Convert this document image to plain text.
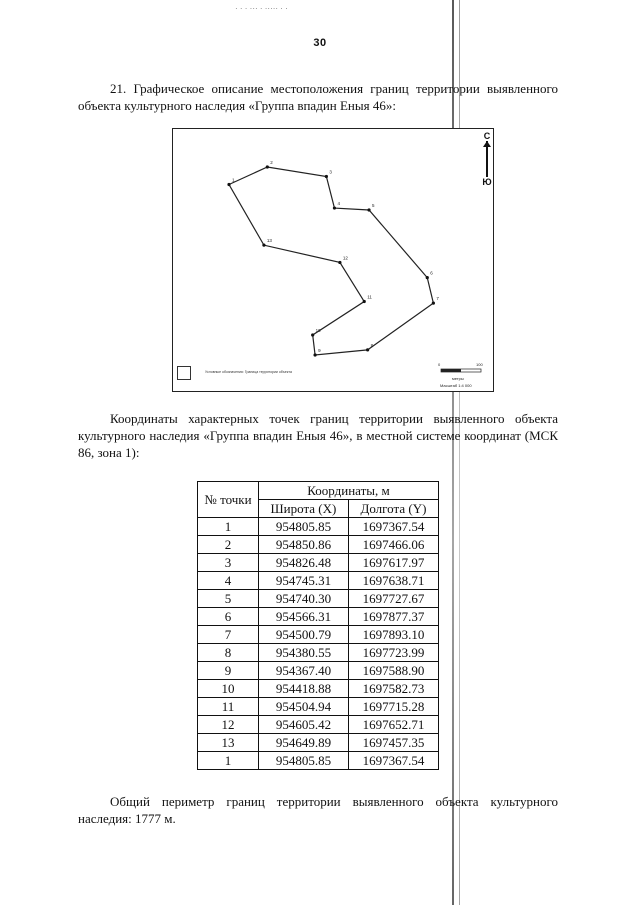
· · · ··· · ····· · ·
30
21. Графическое описание местоположения границ территории выявленного объекта культурного наследия «Группа впадин Еныя 46»:
1
2
3
4	5
6
7
8
9
10
11
12
13
С
Ю
Условные обозначения: Граница территории объекта
0	100
метры
Масштаб 1:4 000
Координаты характерных точек границ территории выявленного объекта культурного наследия «Группа впадин Еныя 46», в местной системе координат (МСК 86, зона 1):
№ точки	Координаты, м	
	Широта (X)	Долгота (Y)
1	954805.85	1697367.54
2	954850.86	1697466.06
3	954826.48	1697617.97
4	954745.31	1697638.71
5	954740.30	1697727.67
6	954566.31	1697877.37
7	954500.79	1697893.10
8	954380.55	1697723.99
9	954367.40	1697588.90
10	954418.88	1697582.73
11	954504.94	1697715.28
12	954605.42	1697652.71
13	954649.89	1697457.35
1	954805.85	1697367.54
Общий периметр границ территории выявленного объекта культурного наследия: 1777 м.
